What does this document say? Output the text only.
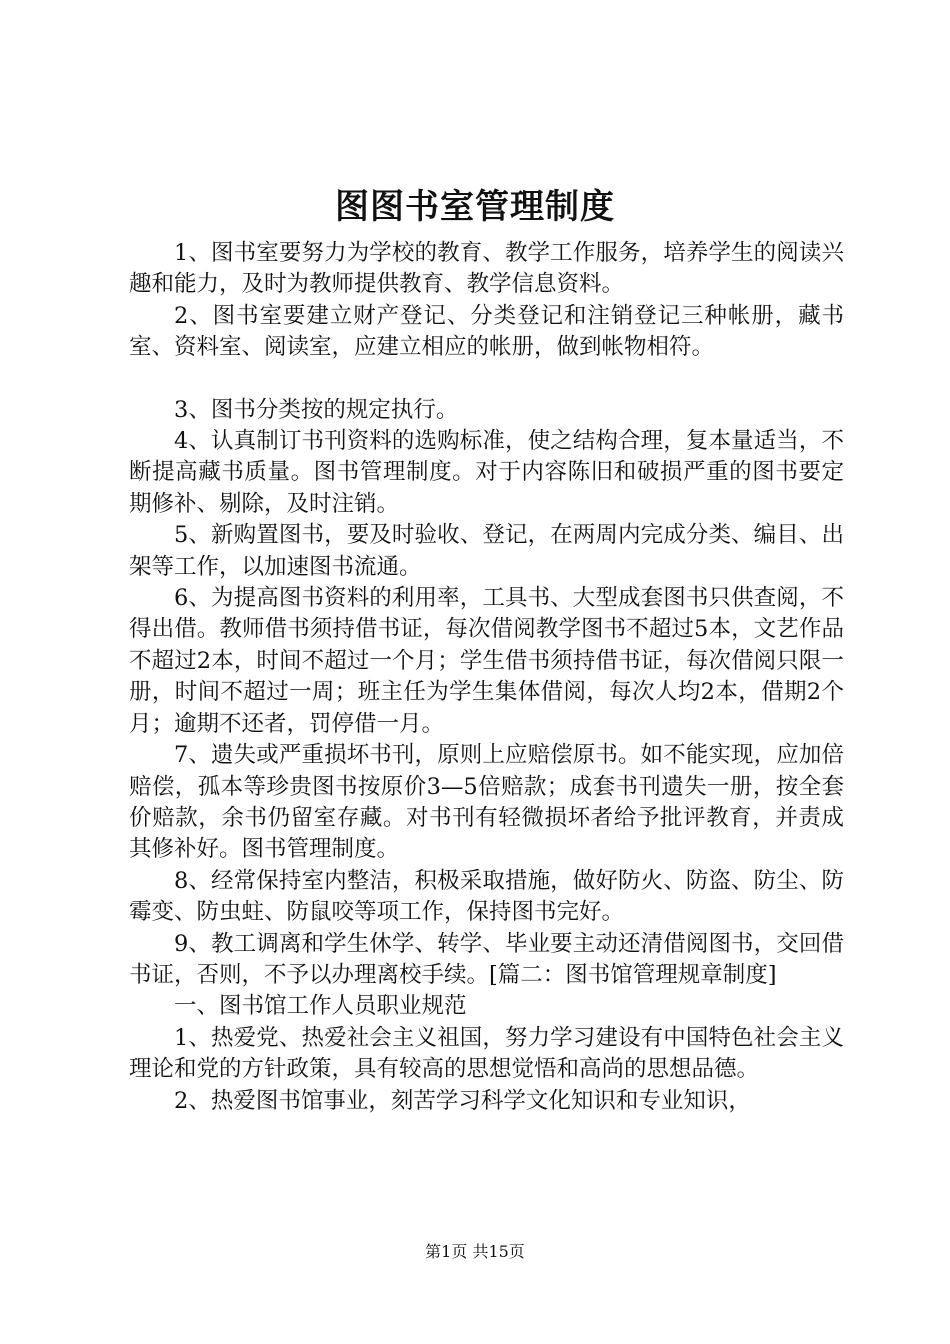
图图书室管理制度

1、图书室要努力为学校的教育、教学工作服务，培养学生的阅读兴趣和能力，及时为教师提供教育、教学信息资料。

2、图书室要建立财产登记、分类登记和注销登记三种帐册，藏书室、资料室、阅读室，应建立相应的帐册，做到帐物相符。

3、图书分类按的规定执行。

4、认真制订书刊资料的选购标准，使之结构合理，复本量适当，不断提高藏书质量。图书管理制度。对于内容陈旧和破损严重的图书要定期修补、剔除，及时注销。

5、新购置图书，要及时验收、登记，在两周内完成分类、编目、出架等工作，以加速图书流通。

6、为提高图书资料的利用率，工具书、大型成套图书只供查阅，不得出借。教师借书须持借书证，每次借阅教学图书不超过5本，文艺作品不超过2本，时间不超过一个月；学生借书须持借书证，每次借阅只限一册，时间不超过一周；班主任为学生集体借阅，每次人均2本，借期2个月；逾期不还者，罚停借一月。

7、遗失或严重损坏书刊，原则上应赔偿原书。如不能实现，应加倍赔偿，孤本等珍贵图书按原价3—5倍赔款；成套书刊遗失一册，按全套价赔款，余书仍留室存藏。对书刊有轻微损坏者给予批评教育，并责成其修补好。图书管理制度。

8、经常保持室内整洁，积极采取措施，做好防火、防盗、防尘、防霉变、防虫蛀、防鼠咬等项工作，保持图书完好。

9、教工调离和学生休学、转学、毕业要主动还清借阅图书，交回借书证，否则，不予以办理离校手续。[篇二：图书馆管理规章制度]

一、图书馆工作人员职业规范

1、热爱党、热爱社会主义祖国，努力学习建设有中国特色社会主义理论和党的方针政策，具有较高的思想觉悟和高尚的思想品德。

2、热爱图书馆事业，刻苦学习科学文化知识和专业知识，

第1页 共15页
